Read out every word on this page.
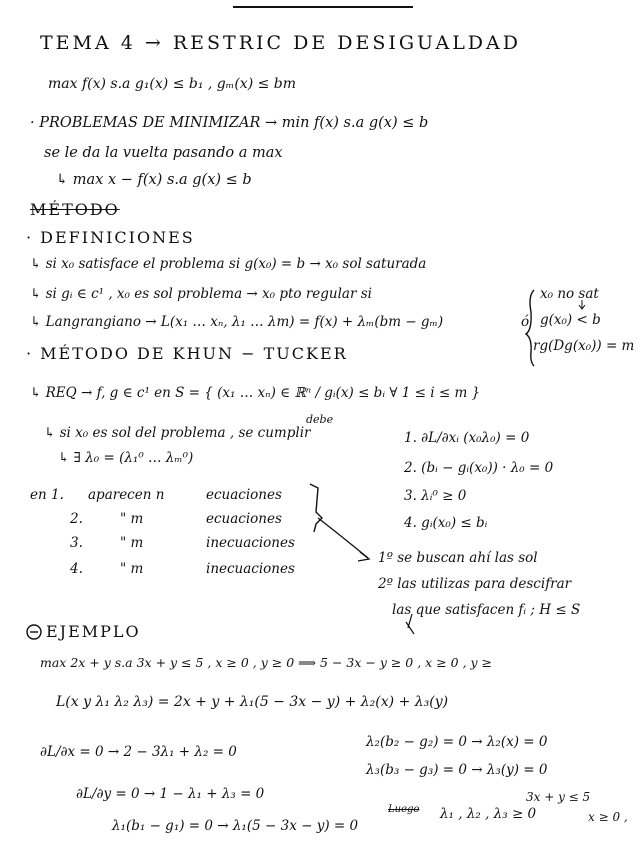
TEMA 4 → RESTRIC DE DESIGUALDAD
max f(x) s.a g₁(x) ≤ b₁ , gₘ(x) ≤ bm
· PROBLEMAS DE MINIMIZAR → min f(x) s.a g(x) ≤ b
se le da la vuelta pasando a max
↳ max x − f(x) s.a g(x) ≤ b
MÉTODO
· DEFINICIONES
↳ si x₀ satisface el problema si g(x₀) = b → x₀ sol saturada
↳ si gᵢ ∈ c¹ , x₀ es sol problema → x₀ pto regular si
↳ Langrangiano → L(x₁ … xₙ, λ₁ … λm) = f(x) + λₘ(bm − gₘ)	ó
x₀ no sat
g(x₀) < b
rg(Dg(x₀)) = m
· MÉTODO DE KHUN − TUCKER
↳ REQ → f, g ∈ c¹ en S = { (x₁ … xₙ) ∈ ℝⁿ / gᵢ(x) ≤ bᵢ ∀ 1 ≤ i ≤ m }
↳ si x₀ es sol del problema , se cumplir
debe
↳ ∃ λ₀ = (λ₁⁰ … λₘ⁰)
1. ∂L/∂xᵢ (x₀λ₀) = 0
2. (bᵢ − gᵢ(x₀)) · λ₀ = 0
3. λᵢ⁰ ≥ 0
4. gᵢ(x₀) ≤ bᵢ
en 1. aparecen n	ecuaciones
2.	" m	ecuaciones
3.	" m	inecuaciones
4.	" m	inecuaciones
1º se buscan ahí las sol
2º las utilizas para descifrar
las que satisfacen fᵢ ; H ≤ S
EJEMPLO
max 2x + y s.a 3x + y ≤ 5 , x ≥ 0 , y ≥ 0 ⟹ 5 − 3x − y ≥ 0 , x ≥ 0 , y ≥
L(x y λ₁ λ₂ λ₃) = 2x + y + λ₁(5 − 3x − y) + λ₂(x) + λ₃(y)
∂L/∂x = 0 → 2 − 3λ₁ + λ₂ = 0
∂L/∂y = 0 → 1 − λ₁ + λ₃ = 0
λ₁(b₁ − g₁) = 0 → λ₁(5 − 3x − y) = 0
λ₂(b₂ − g₂) = 0 → λ₂(x) = 0
λ₃(b₃ − g₃) = 0 → λ₃(y) = 0
Luego λ₁ , λ₂ , λ₃ ≥ 0
3x + y ≤ 5
x ≥ 0 ,
